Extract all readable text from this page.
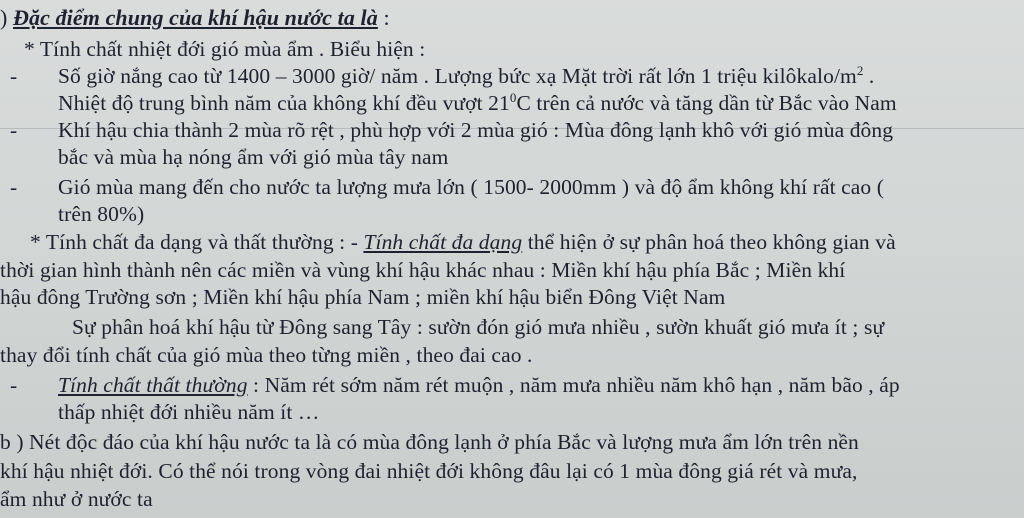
) Đặc điểm chung của khí hậu nước ta là :
* Tính chất nhiệt đới gió mùa ẩm . Biểu hiện :
- Số giờ nắng cao từ 1400 – 3000 giờ/ năm . Lượng bức xạ Mặt trời rất lớn 1 triệu kilôkalo/$m^2$ .
Nhiệt độ trung bình năm của không khí đều vượt $21^0C$ trên cả nước và tăng dần từ Bắc vào Nam
- Khí hậu chia thành 2 mùa rõ rệt , phù hợp với 2 mùa gió : Mùa đông lạnh khô với gió mùa đông
bắc và mùa hạ nóng ẩm với gió mùa tây nam
- Gió mùa mang đến cho nước ta lượng mưa lớn ( 1500- 2000mm ) và độ ẩm không khí rất cao (
trên 80%)
* Tính chất đa dạng và thất thường : - Tính chất đa dạng thể hiện ở sự phân hoá theo không gian và
thời gian hình thành nên các miền và vùng khí hậu khác nhau : Miền khí hậu phía Bắc ; Miền khí
hậu đông Trường sơn ; Miền khí hậu phía Nam ; miền khí hậu biển Đông Việt Nam
Sự phân hoá khí hậu từ Đông sang Tây : sườn đón gió mưa nhiều , sườn khuất gió mưa ít ; sự
thay đổi tính chất của gió mùa theo từng miền , theo đai cao .
- Tính chất thất thường : Năm rét sớm năm rét muộn , năm mưa nhiều năm khô hạn , năm bão , áp
thấp nhiệt đới nhiều năm ít …
b ) Nét độc đáo của khí hậu nước ta là có mùa đông lạnh ở phía Bắc và lượng mưa ẩm lớn trên nền
khí hậu nhiệt đới. Có thể nói trong vòng đai nhiệt đới không đâu lại có 1 mùa đông giá rét và mưa,
ẩm như ở nước ta
